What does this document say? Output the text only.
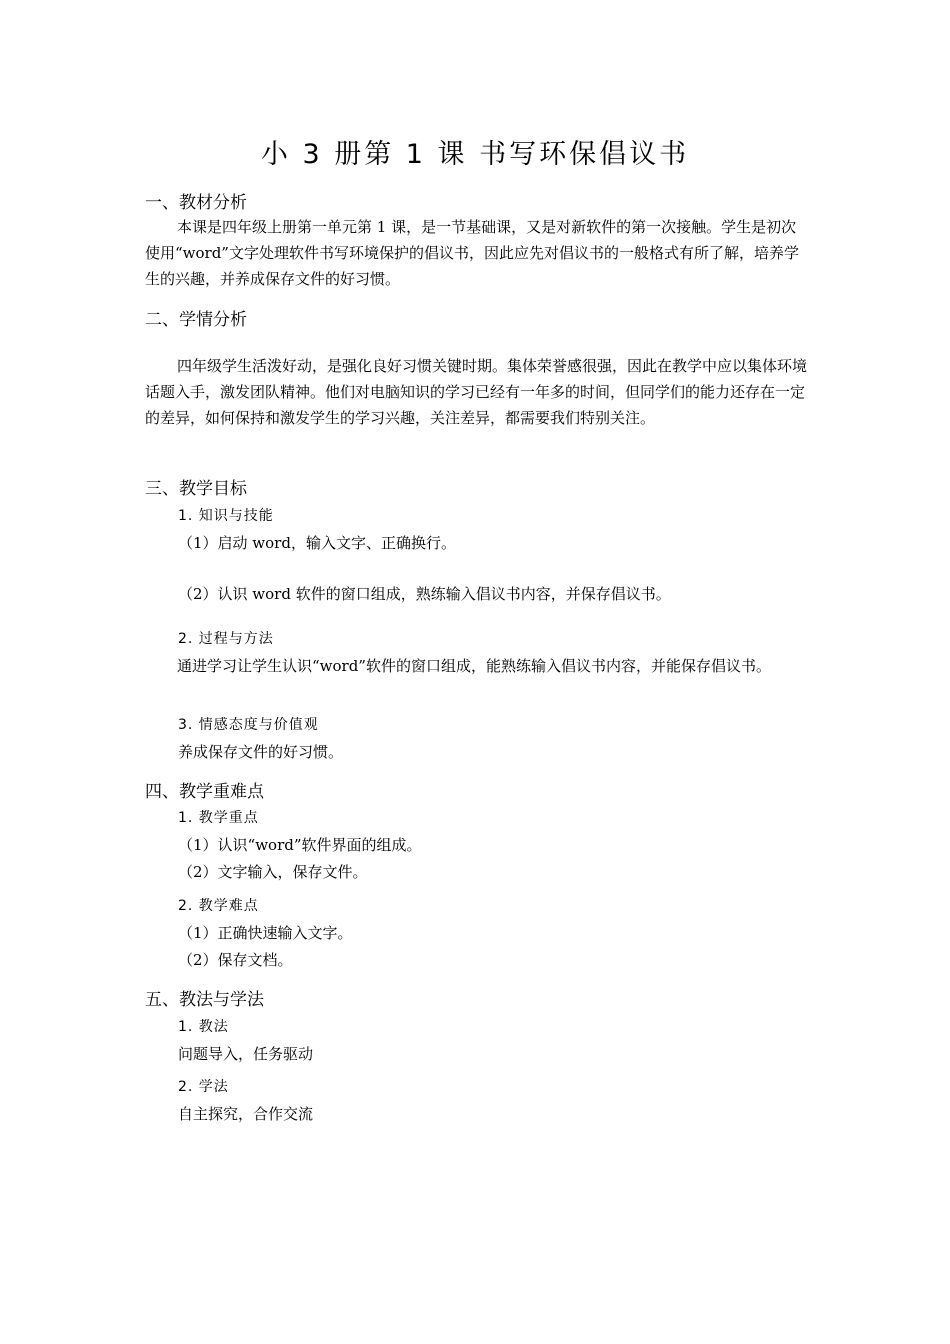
小 3 册第 1 课 书写环保倡议书
一、教材分析
本课是四年级上册第一单元第 1 课，是一节基础课，又是对新软件的第一次接触。学生是初次使用“word”文字处理软件书写环境保护的倡议书，因此应先对倡议书的一般格式有所了解，培养学生的兴趣，并养成保存文件的好习惯。
二、学情分析
四年级学生活泼好动，是强化良好习惯关键时期。集体荣誉感很强，因此在教学中应以集体环境话题入手，激发团队精神。他们对电脑知识的学习已经有一年多的时间，但同学们的能力还存在一定的差异，如何保持和激发学生的学习兴趣，关注差异，都需要我们特别关注。
三、教学目标
1. 知识与技能
（1）启动 word，输入文字、正确换行。
（2）认识 word 软件的窗口组成，熟练输入倡议书内容，并保存倡议书。
2. 过程与方法
通进学习让学生认识“word”软件的窗口组成，能熟练输入倡议书内容，并能保存倡议书。
3. 情感态度与价值观
养成保存文件的好习惯。
四、教学重难点
1. 教学重点
（1）认识“word”软件界面的组成。
（2）文字输入，保存文件。
2. 教学难点
（1）正确快速输入文字。
（2）保存文档。
五、教法与学法
1. 教法
问题导入，任务驱动
2. 学法
自主探究，合作交流
